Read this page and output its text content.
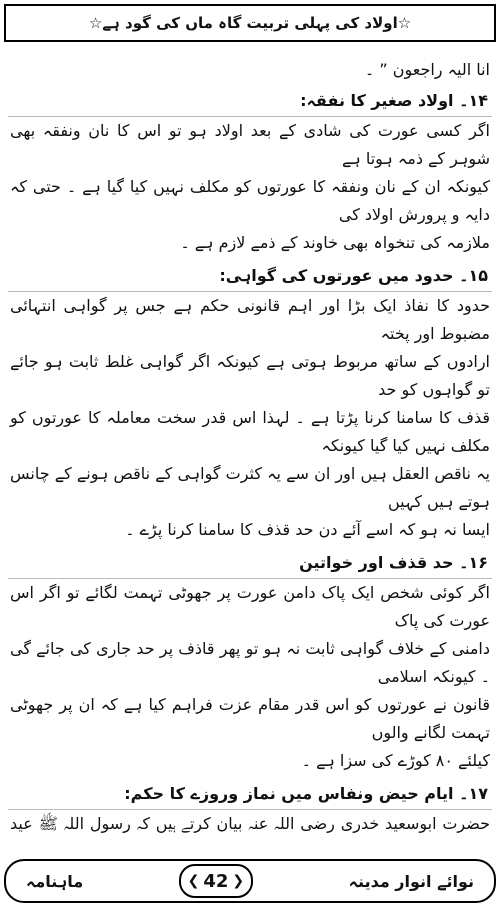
☆اولاد کی پہلی تربیت گاہ ماں کی گود ہے☆

انا الیہ راجعون ” ۔

۱۴۔ اولاد صغیر کا نفقہ:

اگر کسی عورت کی شادی کے بعد اولاد ہو تو اس کا نان ونفقہ بھی شوہر کے ذمہ ہوتا ہے

کیونکہ ان کے نان ونفقہ کا عورتوں کو مکلف نہیں کیا گیا ہے ۔ حتی کہ دایہ و پرورش اولاد کی

ملازمہ کی تنخواہ بھی خاوند کے ذمے لازم ہے ۔

۱۵۔ حدود میں عورتوں کی گواہی:

حدود کا نفاذ ایک بڑا اور اہم قانونی حکم ہے جس پر گواہی انتہائی مضبوط اور پختہ

ارادوں کے ساتھ مربوط ہوتی ہے کیونکہ اگر گواہی غلط ثابت ہو جائے تو گواہوں کو حد

قذف کا سامنا کرنا پڑتا ہے ۔ لہذا اس قدر سخت معاملہ کا عورتوں کو مکلف نہیں کیا گیا کیونکہ

یہ ناقص العقل ہیں اور ان سے یہ کثرت گواہی کے ناقص ہونے کے چانس ہوتے ہیں کہیں

ایسا نہ ہو کہ اسے آئے دن حد قذف کا سامنا کرنا پڑے ۔

۱۶۔ حد قذف اور خواتین

اگر کوئی شخص ایک پاک دامن عورت پر جھوٹی تہمت لگائے تو اگر اس عورت کی پاک

دامنی کے خلاف گواہی ثابت نہ ہو تو پھر قاذف پر حد جاری کی جائے گی ۔ کیونکہ اسلامی

قانون نے عورتوں کو اس قدر مقام عزت فراہم کیا ہے کہ ان پر جھوٹی تہمت لگانے والوں

کیلئے ۸۰ کوڑے کی سزا ہے ۔

۱۷۔ ایام حیض ونفاس میں نماز وروزے کا حکم:

حضرت ابوسعید خدری رضی اللہ عنہ بیان کرتے ہیں کہ رسول اللہ ﷺ عید

نوائے انوار مدینہ
❮ 42 ❯
ماہنامہ
